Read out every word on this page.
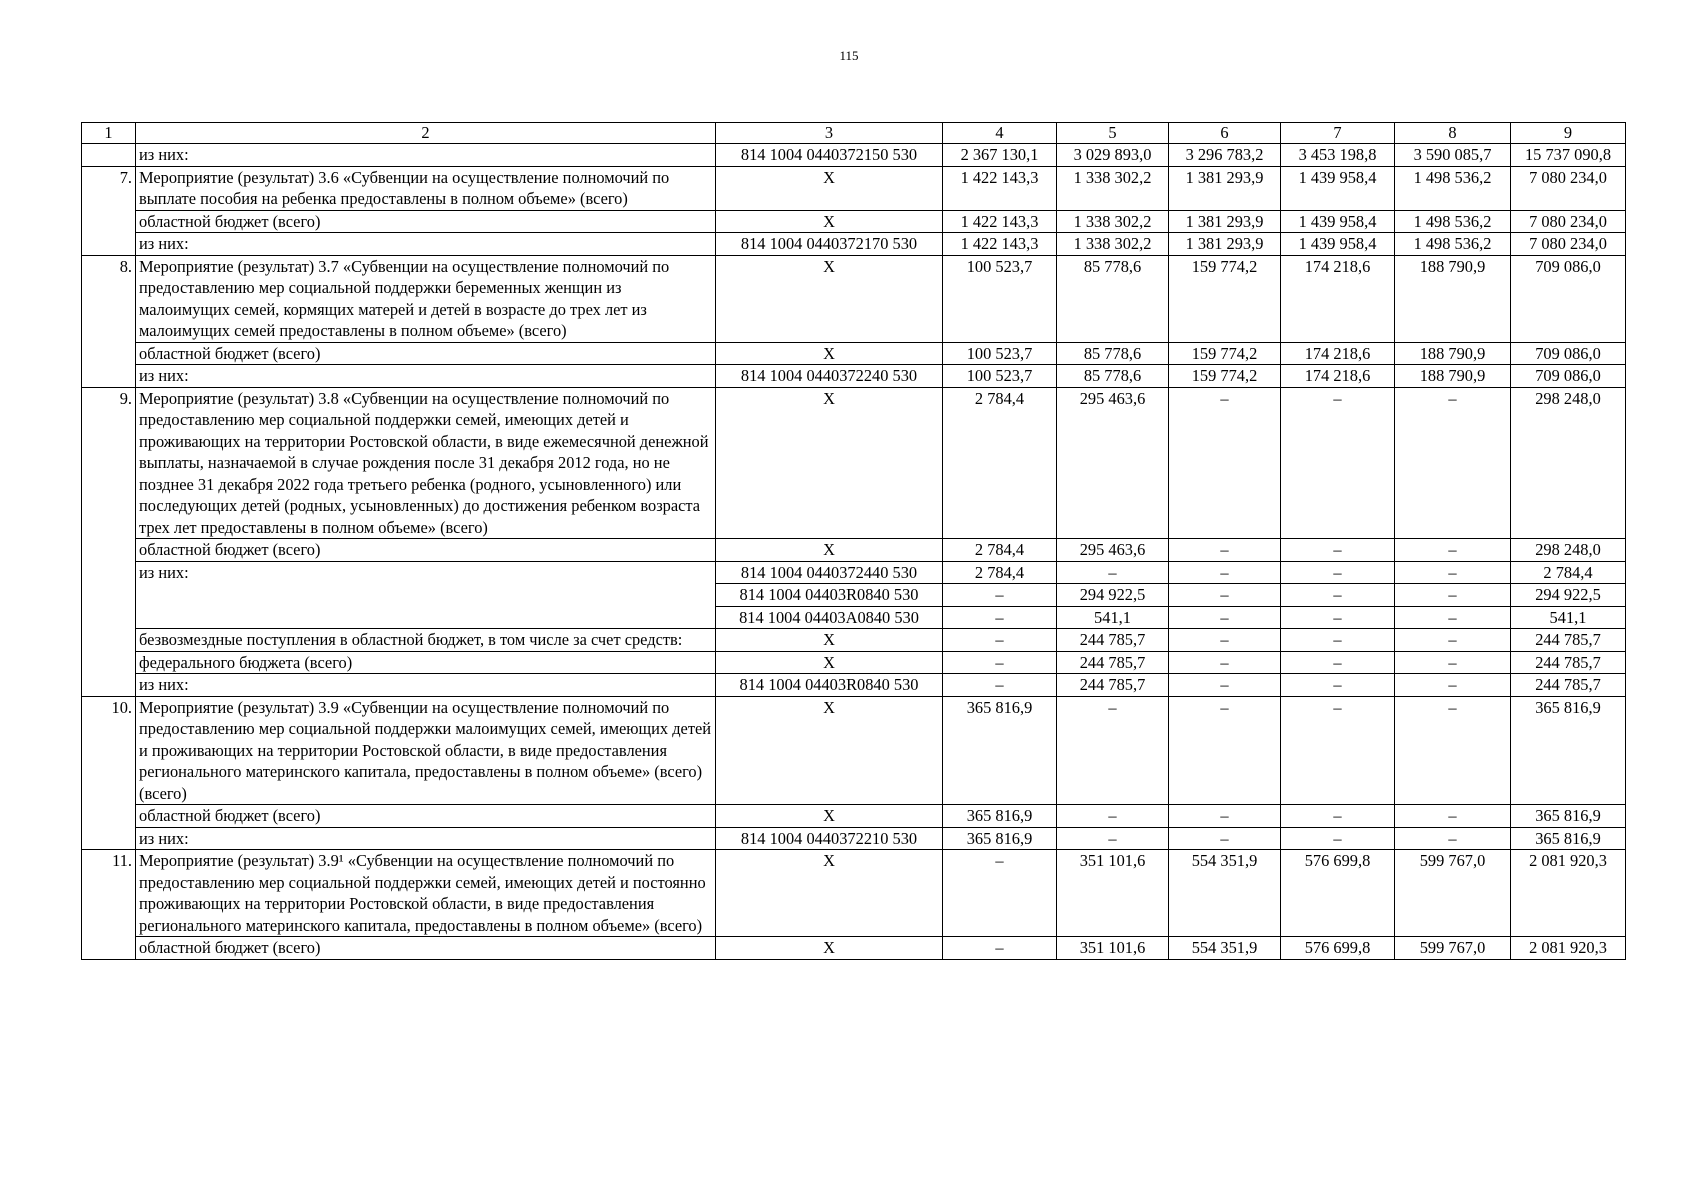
115
1	2	3	4	5	6	7	8	9
	из них:	814 1004 0440372150 530	2 367 130,1	3 029 893,0	3 296 783,2	3 453 198,8	3 590 085,7	15 737 090,8
7.	Мероприятие (результат) 3.6 «Субвенции на осуществление полномочий по выплате пособия на ребенка предоставлены в полном объеме» (всего)	X	1 422 143,3	1 338 302,2	1 381 293,9	1 439 958,4	1 498 536,2	7 080 234,0
	областной бюджет (всего)	X	1 422 143,3	1 338 302,2	1 381 293,9	1 439 958,4	1 498 536,2	7 080 234,0
	из них:	814 1004 0440372170 530	1 422 143,3	1 338 302,2	1 381 293,9	1 439 958,4	1 498 536,2	7 080 234,0
8.	Мероприятие (результат) 3.7 «Субвенции на осуществление полномочий по предоставлению мер социальной поддержки беременных женщин из малоимущих семей, кормящих матерей и детей в возрасте до трех лет из малоимущих семей предоставлены в полном объеме» (всего)	X	100 523,7	85 778,6	159 774,2	174 218,6	188 790,9	709 086,0
	областной бюджет (всего)	X	100 523,7	85 778,6	159 774,2	174 218,6	188 790,9	709 086,0
	из них:	814 1004 0440372240 530	100 523,7	85 778,6	159 774,2	174 218,6	188 790,9	709 086,0
9.	Мероприятие (результат) 3.8 «Субвенции на осуществление полномочий по предоставлению мер социальной поддержки семей, имеющих детей и проживающих на территории Ростовской области, в виде ежемесячной денежной выплаты, назначаемой в случае рождения после 31 декабря 2012 года, но не позднее 31 декабря 2022 года третьего ребенка (родного, усыновленного) или последующих детей (родных, усыновленных) до достижения ребенком возраста трех лет предоставлены в полном объеме» (всего)	X	2 784,4	295 463,6	–	–	–	298 248,0
	областной бюджет (всего)	X	2 784,4	295 463,6	–	–	–	298 248,0
	из них:	814 1004 0440372440 530	2 784,4	–	–	–	–	2 784,4
		814 1004 04403R0840 530	–	294 922,5	–	–	–	294 922,5
		814 1004 04403A0840 530	–	541,1	–	–	–	541,1
	безвозмездные поступления в областной бюджет, в том числе за счет средств:	X	–	244 785,7	–	–	–	244 785,7
	федерального бюджета (всего)	X	–	244 785,7	–	–	–	244 785,7
	из них:	814 1004 04403R0840 530	–	244 785,7	–	–	–	244 785,7
10.	Мероприятие (результат) 3.9 «Субвенции на осуществление полномочий по предоставлению мер социальной поддержки малоимущих семей, имеющих детей и проживающих на территории Ростовской области, в виде предоставления регионального материнского капитала, предоставлены в полном объеме» (всего) (всего)	X	365 816,9	–	–	–	–	365 816,9
	областной бюджет (всего)	X	365 816,9	–	–	–	–	365 816,9
	из них:	814 1004 0440372210 530	365 816,9	–	–	–	–	365 816,9
11.	Мероприятие (результат) 3.9¹ «Субвенции на осуществление полномочий по предоставлению мер социальной поддержки семей, имеющих детей и постоянно проживающих на территории Ростовской области, в виде предоставления регионального материнского капитала, предоставлены в полном объеме» (всего)	X	–	351 101,6	554 351,9	576 699,8	599 767,0	2 081 920,3
	областной бюджет (всего)	X	–	351 101,6	554 351,9	576 699,8	599 767,0	2 081 920,3
